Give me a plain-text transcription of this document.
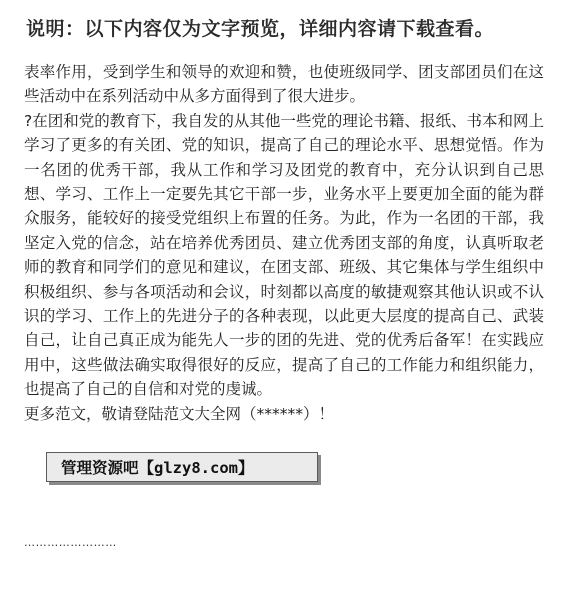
说明：以下内容仅为文字预览，详细内容请下载查看。

表率作用，受到学生和领导的欢迎和赞，也使班级同学、团支部团员们在这些活动中在系列活动中从多方面得到了很大进步。

?在团和党的教育下，我自发的从其他一些党的理论书籍、报纸、书本和网上学习了更多的有关团、党的知识，提高了自己的理论水平、思想觉悟。作为一名团的优秀干部，我从工作和学习及团党的教育中，充分认识到自己思想、学习、工作上一定要先其它干部一步，业务水平上要更加全面的能为群众服务，能较好的接受党组织上布置的任务。为此，作为一名团的干部，我坚定入党的信念，站在培养优秀团员、建立优秀团支部的角度，认真听取老师的教育和同学们的意见和建议，在团支部、班级、其它集体与学生组织中积极组织、参与各项活动和会议，时刻都以高度的敏捷观察其他认识或不认识的学习、工作上的先进分子的各种表现，以此更大层度的提高自己、武装自己，让自己真正成为能先人一步的团的先进、党的优秀后备军！在实践应用中，这些做法确实取得很好的反应，提高了自己的工作能力和组织能力，也提高了自己的自信和对党的虔诚。

更多范文，敬请登陆范文大全网（******）！

管理资源吧【glzy8.com】
……………………
